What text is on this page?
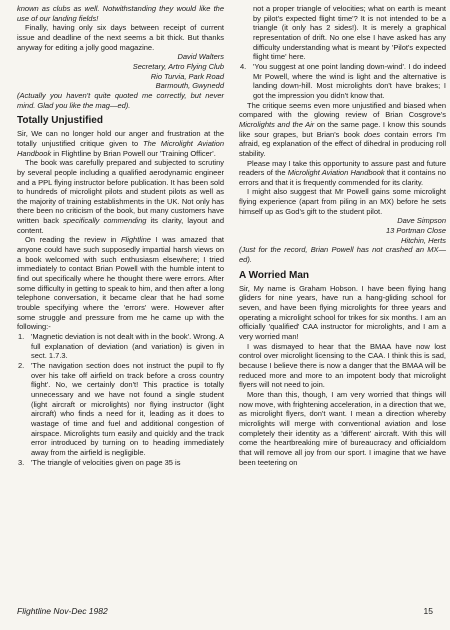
known as clubs as well. Notwithstanding they would like the use of our landing fields!

Finally, having only six days between receipt of current issue and deadline of the next seems a bit thick. But thanks anyway for editing a jolly good magazine.

David Walters
Secretary, Artro Flying Club
Rio Turvia, Park Road
Barmouth, Gwynedd

(Actually you haven't quite quoted me correctly, but never mind. Glad you like the mag—ed).

Totally Unjustified

Sir, We can no longer hold our anger and frustration at the totally unjustified critique given to The Microlight Aviation Handbook in Flightline by Brian Powell our 'Training Officer'.

The book was carefully prepared and subjected to scrutiny by several people including a qualified aerodynamic engineer and a PPL flying instructor before publication. It has been sold to hundreds of microlight pilots and student pilots as well as the majority of training establishments in the UK. Not only has there been no criticism of the book, but many customers have written back specifically commending its clarity, layout and content.

On reading the review in Flightline I was amazed that anyone could have such supposedly impartial harsh views on a book welcomed with such enthusiasm elsewhere; I tried immediately to contact Brian Powell with the humble intent to find out specifically where he thought there were errors. After some difficulty in getting to speak to him, and then after a long telephone conversation, it became clear that he had some trouble specifying where the 'errors' were. However after some struggle and pressure from me he came up with the following:-

1. 'Magnetic deviation is not dealt with in the book'. Wrong. A full explanation of deviation (and variation) is given in sect. 1.7.3.
2. 'The navigation section does not instruct the pupil to fly over his take off airfield on track before a cross country flight'. No, we certainly don't! This practice is totally unnecessary and we have not found a single student (light aircraft or microlights) nor flying instructor (light aircraft) who finds a need for it, leading as it does to wastage of time and fuel and additional congestion of airspace. Microlights turn easily and quickly and the track error introduced by turning on to heading immediately away from the airfield is negligible.
3. 'The triangle of velocities given on page 35 is

not a proper triangle of velocities; what on earth is meant by pilot's expected flight time'? It is not intended to be a triangle (it only has 2 sides!). It is merely a graphical representation of drift. No one else I have asked has any difficulty understanding what is meant by 'Pilot's expected flight time' here.

4. 'You suggest at one point landing down-wind'. I do indeed Mr Powell, where the wind is light and the alternative is landing down-hill. Most microlights don't have brakes; I got the impression you didn't know that.

The critique seems even more unjustified and biased when compared with the glowing review of Brian Cosgrove's Microlights and the Air on the same page. I know this sounds like sour grapes, but Brian's book does contain errors I'm afraid, eg explanation of the effect of dihedral in producing roll stability.

Please may I take this opportunity to assure past and future readers of the Microlight Aviation Handbook that it contains no errors and that it is frequently commended for its clarity.

I might also suggest that Mr Powell gains some microlight flying experience (apart from piling in an MX) before he sets himself up as God's gift to the student pilot.

Dave Simpson
13 Portman Close
Hitchin, Herts

(Just for the record, Brian Powell has not crashed an MX—ed).

A Worried Man

Sir, My name is Graham Hobson. I have been flying hang gliders for nine years, have run a hang-gliding school for seven, and have been flying microlights for three years and operating a microlight school for trikes for six months. I am an officially 'qualified' CAA instructor for microlights, and I am a very worried man!

I was dismayed to hear that the BMAA have now lost control over microlight licensing to the CAA. I think this is sad, because I believe there is now a danger that the BMAA will be reduced more and more to an impotent body that microlight flyers will not need to join.

More than this, though, I am very worried that things will now move, with frightening acceleration, in a direction that we, as microlight flyers, don't want. I mean a direction whereby microlights will merge with conventional aviation and lose completely their identity as a 'different' aircraft. With this will come the heartbreaking mire of bureaucracy and officialdom that will remove all joy from our sport. I imagine that we have been teetering on

Flightline Nov-Dec 1982	15
